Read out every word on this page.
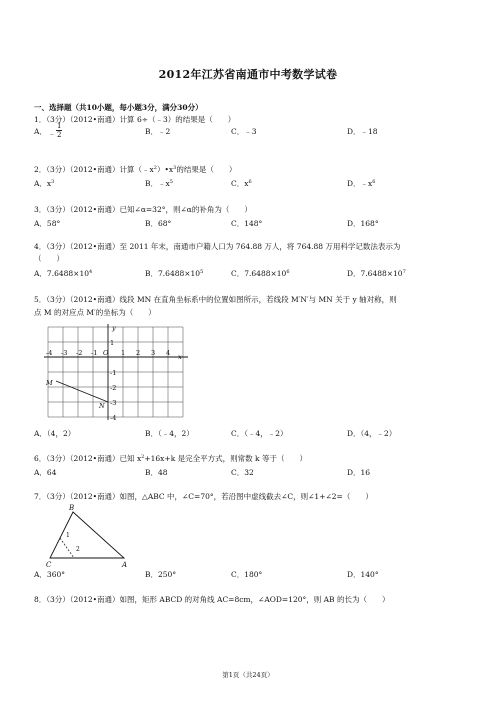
2012年江苏省南通市中考数学试卷
一、选择题（共10小题，每小题3分，满分30分）
1．（3分）（2012•南通）计算 6÷（﹣3）的结果是（　　）
A． ﹣ $\frac{1}{2}$	B．﹣2	C．﹣3	D．﹣18
2．（3分）（2012•南通）计算$(﹣x^2)•x^3$的结果是（　　）
A．$x^3$	B．$﹣x^5$	C．$x^6$	D．$﹣x^6$
3．（3分）（2012•南通）已知∠α=32°，则∠α的补角为（　　）
A．58°	B．68°	C．148°	D．168°
4．（3分）（2012•南通）至 2011 年末，南通市户籍人口为 764.88 万人，将 764.88 万用科学记数法表示为
（　　）
A．$7.6488\times 10^4$	B．$7.6488\times 10^5$	C．$7.6488\times 10^6$	D．$7.6488\times 10^7$
5．（3分）（2012•南通）线段 MN 在直角坐标系中的位置如图所示，若线段 M′N′与 MN 关于 y 轴对称，则
点 M 的对应点 M′的坐标为（　　）
-4 -3 -2 -1 O 1 2 3 4
1
-1
-2
-3
-4
x
y
M
N
A．（4，2）	B．（﹣4，2）	C．（﹣4，﹣2）	D．（4，﹣2）
6．（3分）（2012•南通）已知 $x^2+16x+k$ 是完全平方式，则常数 k 等于（　　）
A．64	B．48	C．32	D．16
7．（3分）（2012•南通）如图，△ABC 中，∠C=70°，若沿图中虚线截去∠C，则∠1+∠2=（　　）
B
C	A
1
2
A．360°	B．250°	C．180°	D．140°
8．（3分）（2012•南通）如图，矩形 ABCD 的对角线 AC=8cm，∠AOD=120°，则 AB 的长为（　　）
第1页（共24页）
